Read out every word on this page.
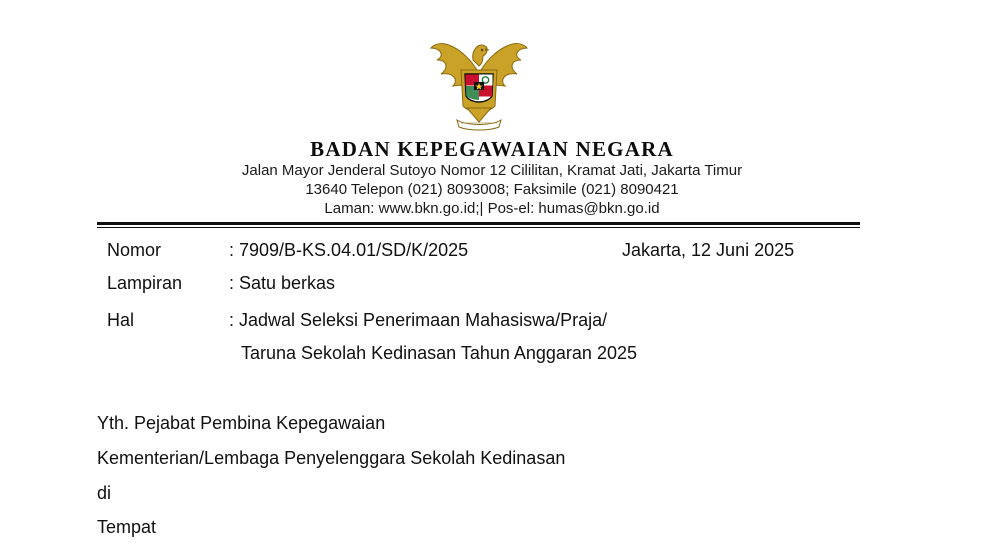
BADAN KEPEGAWAIAN NEGARA
Jalan Mayor Jenderal Sutoyo Nomor 12 Cililitan, Kramat Jati, Jakarta Timur
13640 Telepon (021) 8093008; Faksimile (021) 8090421
Laman: www.bkn.go.id;| Pos-el: humas@bkn.go.id
Nomor	: 7909/B-KS.04.01/SD/K/2025	Jakarta, 12 Juni 2025
Lampiran	: Satu berkas
Hal	: Jadwal Seleksi Penerimaan Mahasiswa/Praja/
Taruna Sekolah Kedinasan Tahun Anggaran 2025
Yth. Pejabat Pembina Kepegawaian
Kementerian/Lembaga Penyelenggara Sekolah Kedinasan
di
Tempat
